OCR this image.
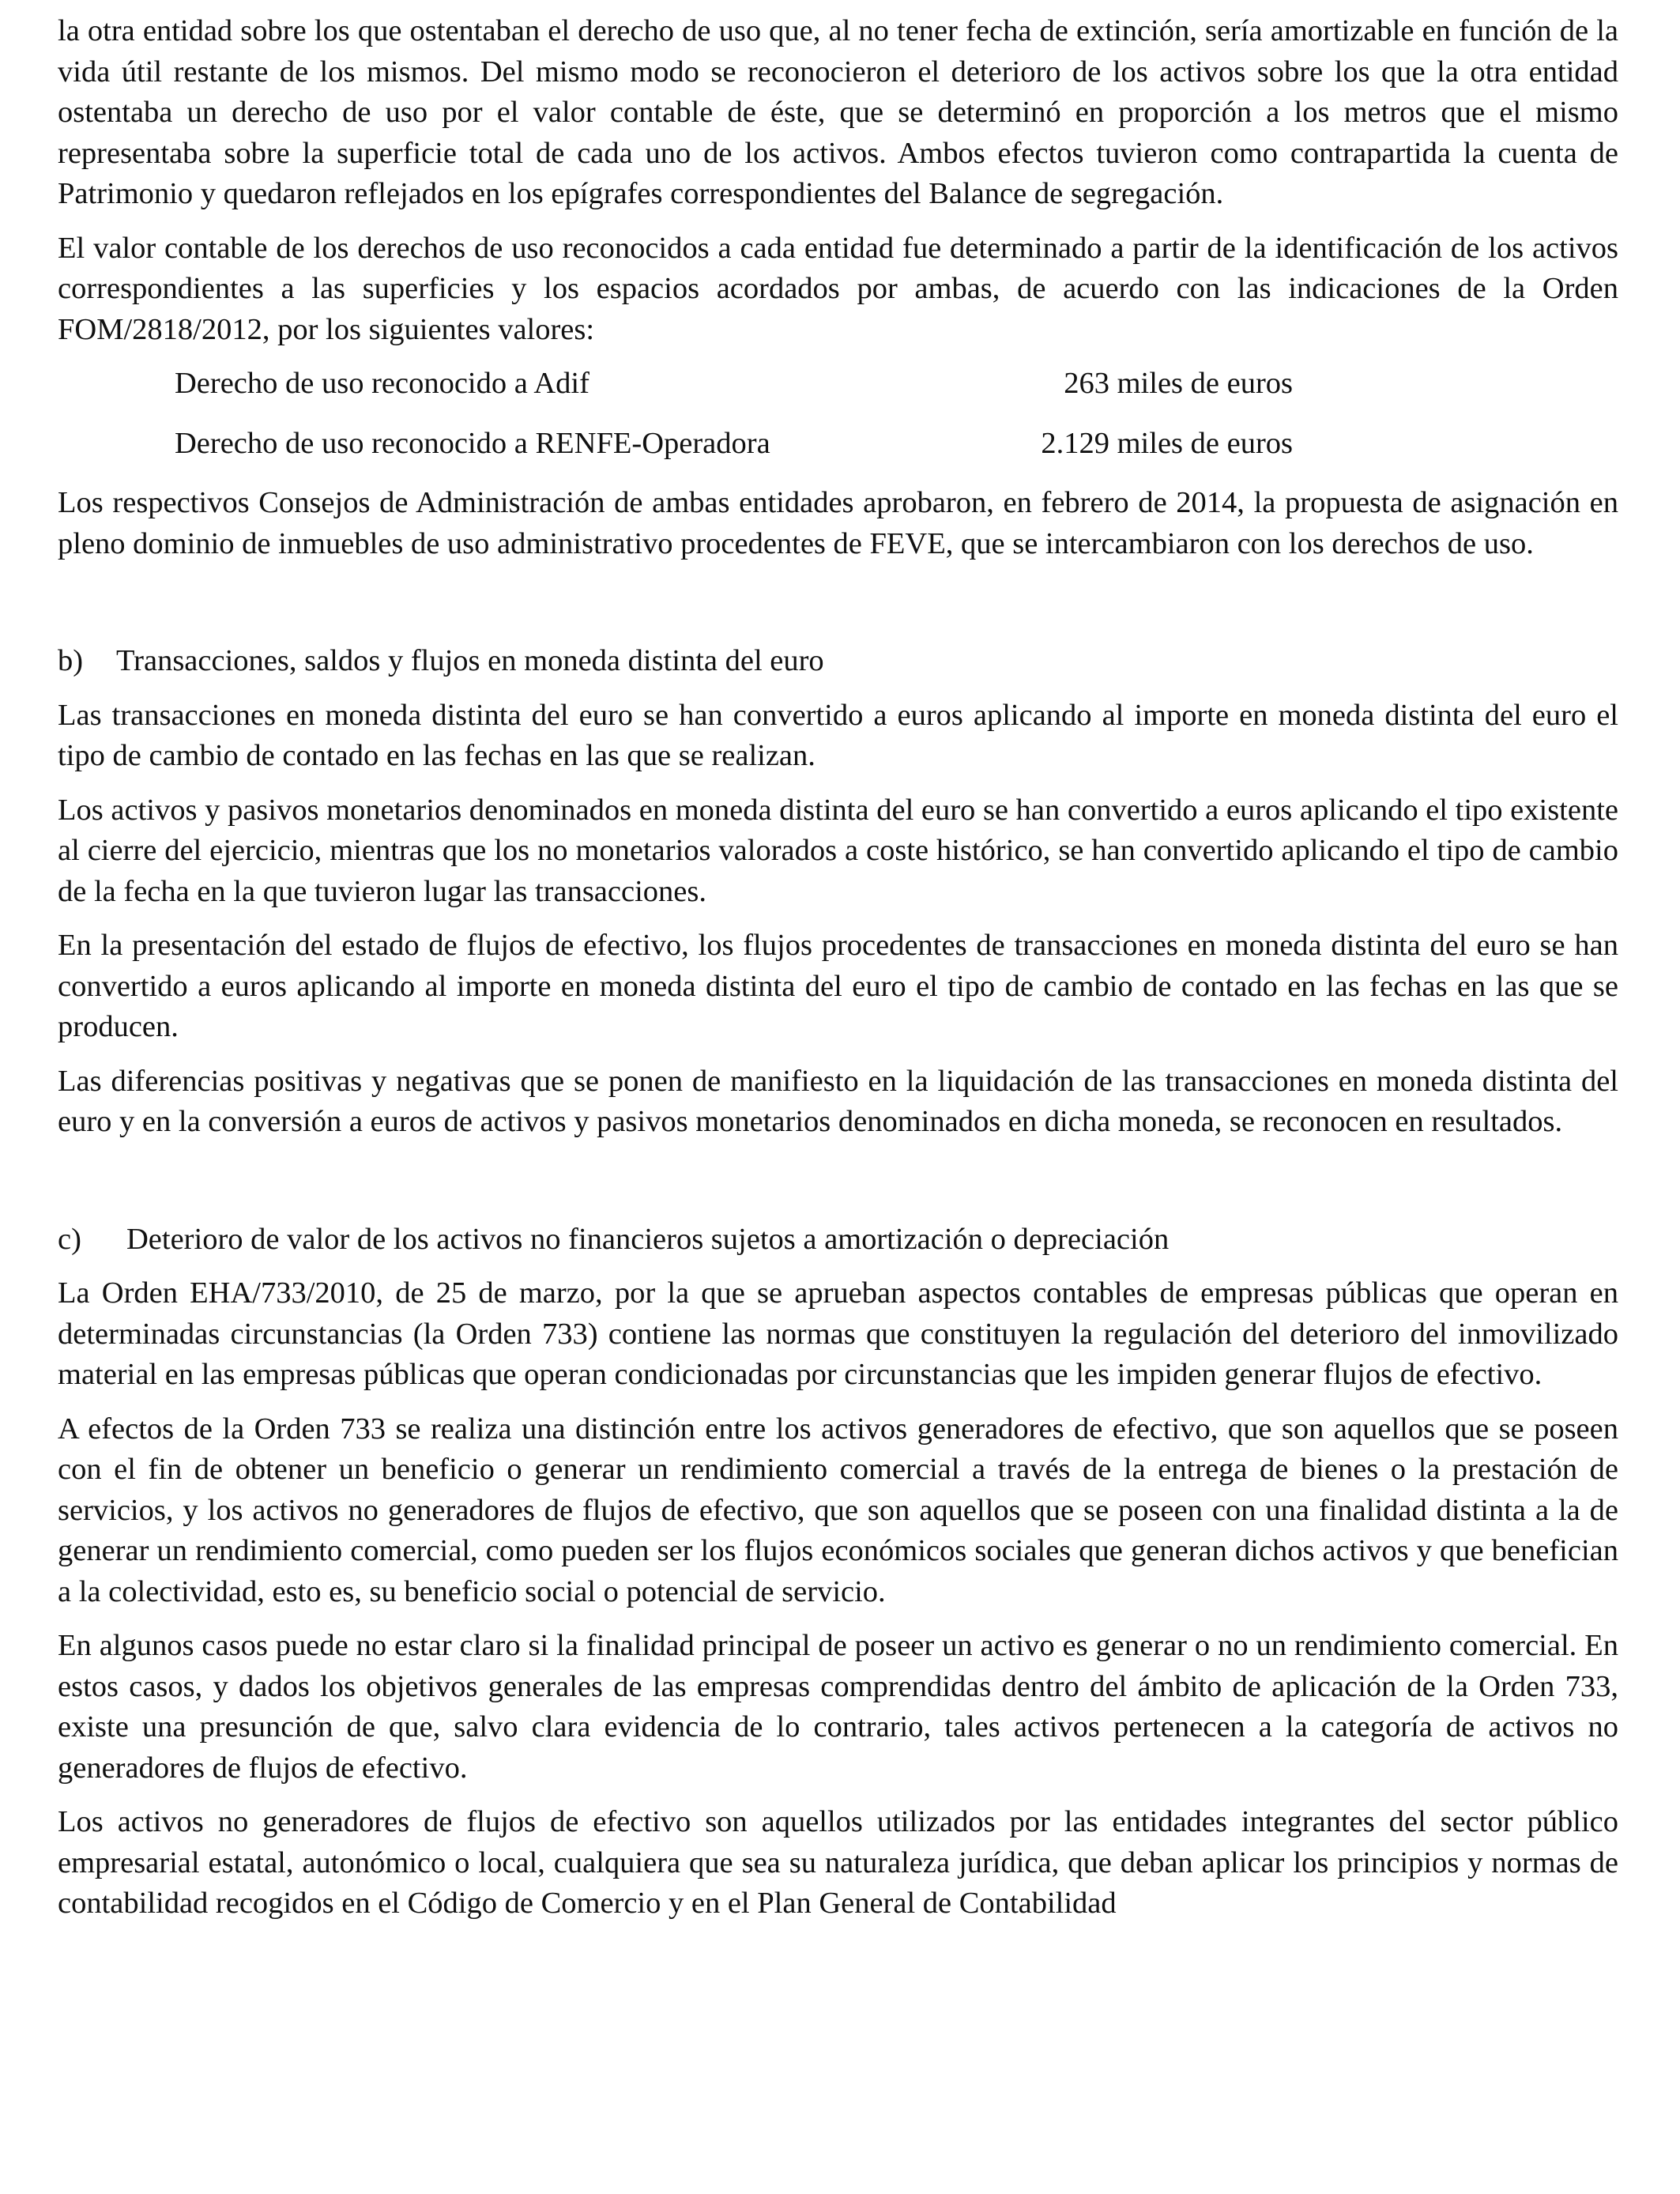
la otra entidad sobre los que ostentaban el derecho de uso que, al no tener fecha de extinción, sería amortizable en función de la vida útil restante de los mismos. Del mismo modo se reconocieron el deterioro de los activos sobre los que la otra entidad ostentaba un derecho de uso por el valor contable de éste, que se determinó en proporción a los metros que el mismo representaba sobre la superficie total de cada uno de los activos. Ambos efectos tuvieron como contrapartida la cuenta de Patrimonio y quedaron reflejados en los epígrafes correspondientes del Balance de segregación.

El valor contable de los derechos de uso reconocidos a cada entidad fue determinado a partir de la identificación de los activos correspondientes a las superficies y los espacios acordados por ambas, de acuerdo con las indicaciones de la Orden FOM/2818/2012, por los siguientes valores:

Derecho de uso reconocido a Adif	263 miles de euros
Derecho de uso reconocido a RENFE-Operadora	2.129 miles de euros

Los respectivos Consejos de Administración de ambas entidades aprobaron, en febrero de 2014, la propuesta de asignación en pleno dominio de inmuebles de uso administrativo procedentes de FEVE, que se intercambiaron con los derechos de uso.

b) Transacciones, saldos y flujos en moneda distinta del euro

Las transacciones en moneda distinta del euro se han convertido a euros aplicando al importe en moneda distinta del euro el tipo de cambio de contado en las fechas en las que se realizan.

Los activos y pasivos monetarios denominados en moneda distinta del euro se han convertido a euros aplicando el tipo existente al cierre del ejercicio, mientras que los no monetarios valorados a coste histórico, se han convertido aplicando el tipo de cambio de la fecha en la que tuvieron lugar las transacciones.

En la presentación del estado de flujos de efectivo, los flujos procedentes de transacciones en moneda distinta del euro se han convertido a euros aplicando al importe en moneda distinta del euro el tipo de cambio de contado en las fechas en las que se producen.

Las diferencias positivas y negativas que se ponen de manifiesto en la liquidación de las transacciones en moneda distinta del euro y en la conversión a euros de activos y pasivos monetarios denominados en dicha moneda, se reconocen en resultados.

c) Deterioro de valor de los activos no financieros sujetos a amortización o depreciación

La Orden EHA/733/2010, de 25 de marzo, por la que se aprueban aspectos contables de empresas públicas que operan en determinadas circunstancias (la Orden 733) contiene las normas que constituyen la regulación del deterioro del inmovilizado material en las empresas públicas que operan condicionadas por circunstancias que les impiden generar flujos de efectivo.

A efectos de la Orden 733 se realiza una distinción entre los activos generadores de efectivo, que son aquellos que se poseen con el fin de obtener un beneficio o generar un rendimiento comercial a través de la entrega de bienes o la prestación de servicios, y los activos no generadores de flujos de efectivo, que son aquellos que se poseen con una finalidad distinta a la de generar un rendimiento comercial, como pueden ser los flujos económicos sociales que generan dichos activos y que benefician a la colectividad, esto es, su beneficio social o potencial de servicio.

En algunos casos puede no estar claro si la finalidad principal de poseer un activo es generar o no un rendimiento comercial. En estos casos, y dados los objetivos generales de las empresas comprendidas dentro del ámbito de aplicación de la Orden 733, existe una presunción de que, salvo clara evidencia de lo contrario, tales activos pertenecen a la categoría de activos no generadores de flujos de efectivo.

Los activos no generadores de flujos de efectivo son aquellos utilizados por las entidades integrantes del sector público empresarial estatal, autonómico o local, cualquiera que sea su naturaleza jurídica, que deban aplicar los principios y normas de contabilidad recogidos en el Código de Comercio y en el Plan General de Contabilidad
